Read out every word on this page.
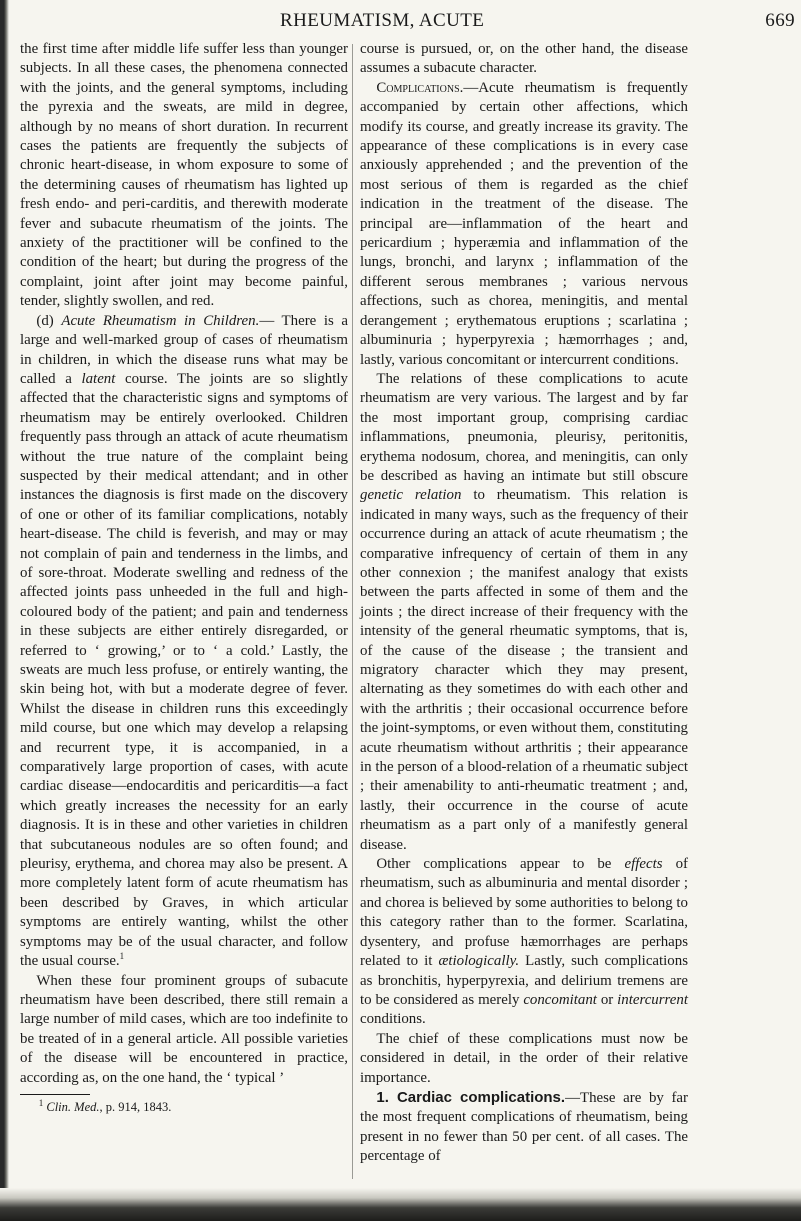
RHEUMATISM, ACUTE	669

the first time after middle life suffer less than younger subjects. In all these cases, the phenomena connected with the joints, and the general symptoms, including the pyrexia and the sweats, are mild in degree, although by no means of short duration. In recurrent cases the patients are frequently the subjects of chronic heart-disease, in whom exposure to some of the determining causes of rheumatism has lighted up fresh endo- and peri-carditis, and therewith moderate fever and subacute rheumatism of the joints. The anxiety of the practitioner will be confined to the condition of the heart; but during the progress of the complaint, joint after joint may become painful, tender, slightly swollen, and red.

(d) Acute Rheumatism in Children.— There is a large and well-marked group of cases of rheumatism in children, in which the disease runs what may be called a latent course. The joints are so slightly affected that the characteristic signs and symptoms of rheumatism may be entirely overlooked. Children frequently pass through an attack of acute rheumatism without the true nature of the complaint being suspected by their medical attendant; and in other instances the diagnosis is first made on the discovery of one or other of its familiar complications, notably heart-disease. The child is feverish, and may or may not complain of pain and tenderness in the limbs, and of sore-throat. Moderate swelling and redness of the affected joints pass unheeded in the full and high-coloured body of the patient; and pain and tenderness in these subjects are either entirely disregarded, or referred to ‘ growing,’ or to ‘ a cold.’ Lastly, the sweats are much less profuse, or entirely wanting, the skin being hot, with but a moderate degree of fever. Whilst the disease in children runs this exceedingly mild course, but one which may develop a relapsing and recurrent type, it is accompanied, in a comparatively large proportion of cases, with acute cardiac disease—endocarditis and pericarditis—a fact which greatly increases the necessity for an early diagnosis. It is in these and other varieties in children that subcutaneous nodules are so often found; and pleurisy, erythema, and chorea may also be present. A more completely latent form of acute rheumatism has been described by Graves, in which articular symptoms are entirely wanting, whilst the other symptoms may be of the usual character, and follow the usual course.$^1$

When these four prominent groups of subacute rheumatism have been described, there still remain a large number of mild cases, which are too indefinite to be treated of in a general article. All possible varieties of the disease will be encountered in practice, according as, on the one hand, the ‘ typical ’

$^1$ Clin. Med., p. 914, 1843.

course is pursued, or, on the other hand, the disease assumes a subacute character.

Complications.—Acute rheumatism is frequently accompanied by certain other affections, which modify its course, and greatly increase its gravity. The appearance of these complications is in every case anxiously apprehended ; and the prevention of the most serious of them is regarded as the chief indication in the treatment of the disease. The principal are—inflammation of the heart and pericardium ; hyperæmia and inflammation of the lungs, bronchi, and larynx ; inflammation of the different serous membranes ; various nervous affections, such as chorea, meningitis, and mental derangement ; erythematous eruptions ; scarlatina ; albuminuria ; hyperpyrexia ; hæmorrhages ; and, lastly, various concomitant or intercurrent conditions.

The relations of these complications to acute rheumatism are very various. The largest and by far the most important group, comprising cardiac inflammations, pneumonia, pleurisy, peritonitis, erythema nodosum, chorea, and meningitis, can only be described as having an intimate but still obscure genetic relation to rheumatism. This relation is indicated in many ways, such as the frequency of their occurrence during an attack of acute rheumatism ; the comparative infrequency of certain of them in any other connexion ; the manifest analogy that exists between the parts affected in some of them and the joints ; the direct increase of their frequency with the intensity of the general rheumatic symptoms, that is, of the cause of the disease ; the transient and migratory character which they may present, alternating as they sometimes do with each other and with the arthritis ; their occasional occurrence before the joint-symptoms, or even without them, constituting acute rheumatism without arthritis ; their appearance in the person of a blood-relation of a rheumatic subject ; their amenability to anti-rheumatic treatment ; and, lastly, their occurrence in the course of acute rheumatism as a part only of a manifestly general disease.

Other complications appear to be effects of rheumatism, such as albuminuria and mental disorder ; and chorea is believed by some authorities to belong to this category rather than to the former. Scarlatina, dysentery, and profuse hæmorrhages are perhaps related to it ætiologically. Lastly, such complications as bronchitis, hyperpyrexia, and delirium tremens are to be considered as merely concomitant or intercurrent conditions.

The chief of these complications must now be considered in detail, in the order of their relative importance.

1. Cardiac complications.—These are by far the most frequent complications of rheumatism, being present in no fewer than 50 per cent. of all cases. The percentage of
